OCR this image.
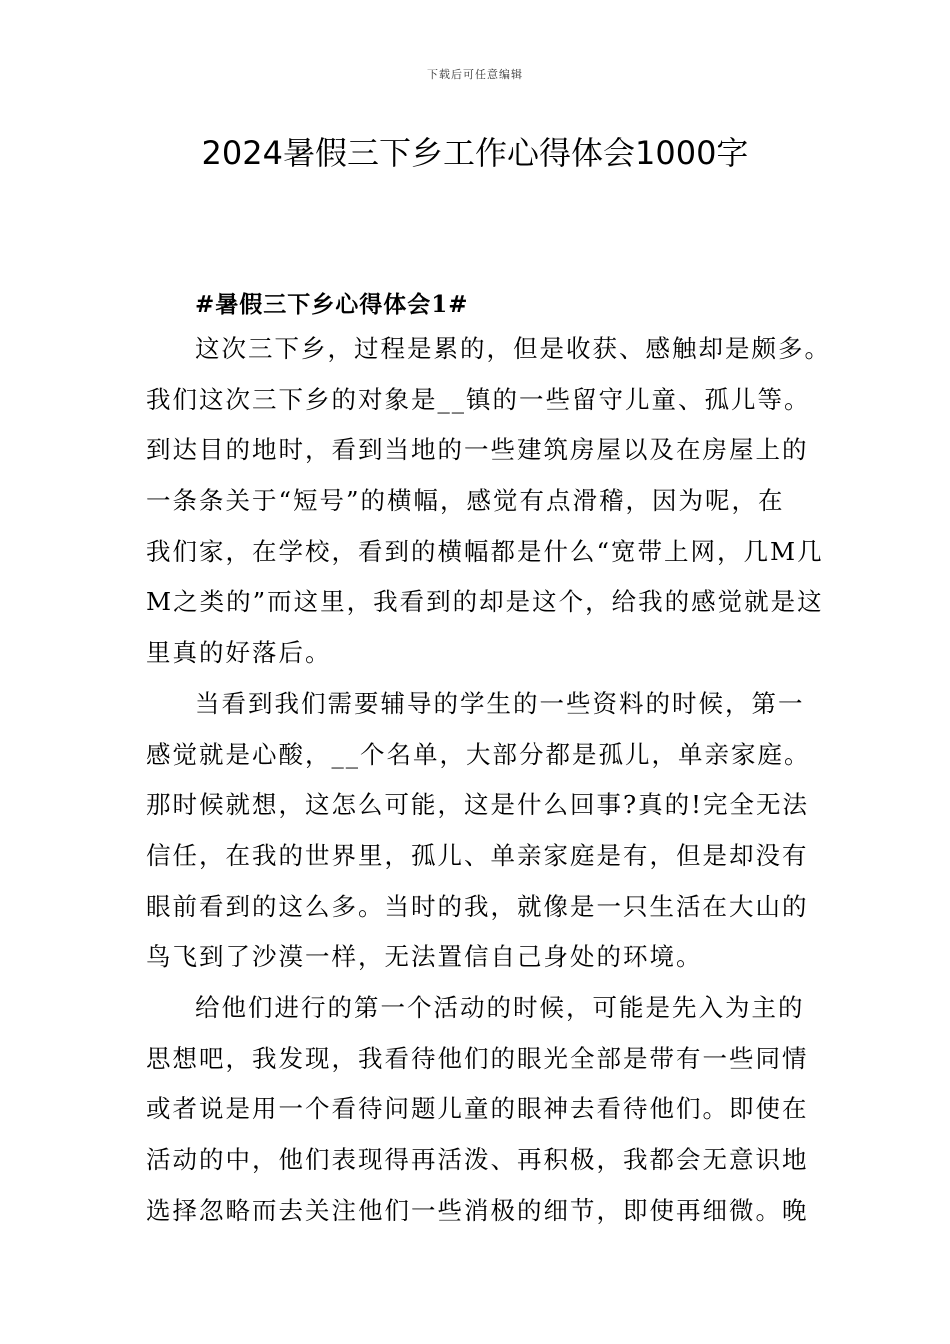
下载后可任意编辑
2024暑假三下乡工作心得体会1000字
#暑假三下乡心得体会1#
这次三下乡，过程是累的，但是收获、感触却是颇多。
我们这次三下乡的对象是__镇的一些留守儿童、孤儿等。
到达目的地时，看到当地的一些建筑房屋以及在房屋上的
一条条关于“短号”的横幅，感觉有点滑稽，因为呢，在
我们家，在学校，看到的横幅都是什么“宽带上网，几M几
M之类的”而这里，我看到的却是这个，给我的感觉就是这
里真的好落后。
当看到我们需要辅导的学生的一些资料的时候，第一
感觉就是心酸，__个名单，大部分都是孤儿，单亲家庭。
那时候就想，这怎么可能，这是什么回事?真的!完全无法
信任，在我的世界里，孤儿、单亲家庭是有，但是却没有
眼前看到的这么多。当时的我，就像是一只生活在大山的
鸟飞到了沙漠一样，无法置信自己身处的环境。
给他们进行的第一个活动的时候，可能是先入为主的
思想吧，我发现，我看待他们的眼光全部是带有一些同情
或者说是用一个看待问题儿童的眼神去看待他们。即使在
活动的中，他们表现得再活泼、再积极，我都会无意识地
选择忽略而去关注他们一些消极的细节，即使再细微。晚
